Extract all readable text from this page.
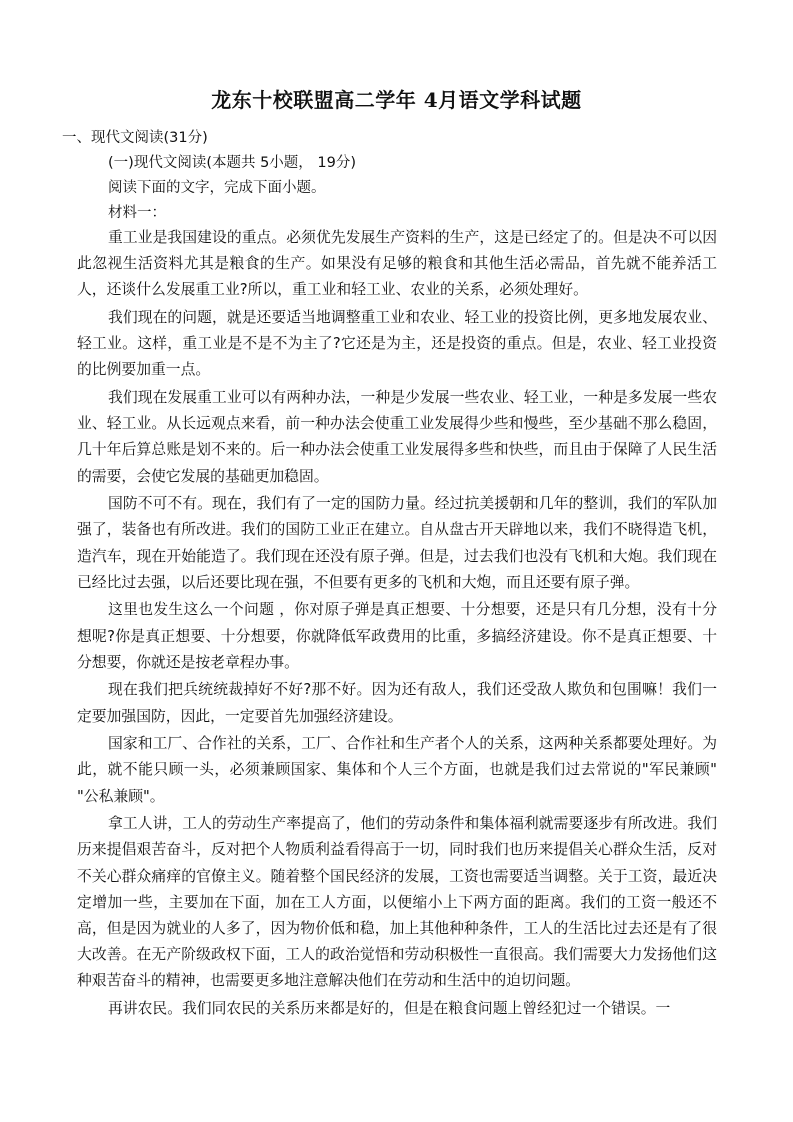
龙东十校联盟高二学年 4月语文学科试题
一、现代文阅读(31分)
(一)现代文阅读(本题共 5小题， 19分)
阅读下面的文字，完成下面小题。
材料一：

重工业是我国建设的重点。必须优先发展生产资料的生产，这是已经定了的。但是决不可以因此忽视生活资料尤其是粮食的生产。如果没有足够的粮食和其他生活必需品，首先就不能养活工人，还谈什么发展重工业?所以，重工业和轻工业、农业的关系，必须处理好。

我们现在的问题，就是还要适当地调整重工业和农业、轻工业的投资比例，更多地发展农业、轻工业。这样，重工业是不是不为主了?它还是为主，还是投资的重点。但是，农业、轻工业投资的比例要加重一点。

我们现在发展重工业可以有两种办法，一种是少发展一些农业、轻工业，一种是多发展一些农业、轻工业。从长远观点来看，前一种办法会使重工业发展得少些和慢些，至少基础不那么稳固，几十年后算总账是划不来的。后一种办法会使重工业发展得多些和快些，而且由于保障了人民生活的需要，会使它发展的基础更加稳固。

国防不可不有。现在，我们有了一定的国防力量。经过抗美援朝和几年的整训，我们的军队加强了，装备也有所改进。我们的国防工业正在建立。自从盘古开天辟地以来，我们不晓得造飞机，造汽车，现在开始能造了。我们现在还没有原子弹。但是，过去我们也没有飞机和大炮。我们现在已经比过去强，以后还要比现在强，不但要有更多的飞机和大炮，而且还要有原子弹。

这里也发生这么一个问题 ，你对原子弹是真正想要、十分想要，还是只有几分想，没有十分想呢?你是真正想要、十分想要，你就降低军政费用的比重，多搞经济建设。你不是真正想要、十分想要，你就还是按老章程办事。

现在我们把兵统统裁掉好不好?那不好。因为还有敌人，我们还受敌人欺负和包围嘛！我们一定要加强国防，因此，一定要首先加强经济建设。

国家和工厂、合作社的关系，工厂、合作社和生产者个人的关系，这两种关系都要处理好。为此，就不能只顾一头，必须兼顾国家、集体和个人三个方面，也就是我们过去常说的"军民兼顾" "公私兼顾"。

拿工人讲，工人的劳动生产率提高了，他们的劳动条件和集体福利就需要逐步有所改进。我们历来提倡艰苦奋斗，反对把个人物质利益看得高于一切，同时我们也历来提倡关心群众生活，反对不关心群众痛痒的官僚主义。随着整个国民经济的发展，工资也需要适当调整。关于工资，最近决定增加一些，主要加在下面，加在工人方面，以便缩小上下两方面的距离。我们的工资一般还不高，但是因为就业的人多了，因为物价低和稳，加上其他种种条件，工人的生活比过去还是有了很大改善。在无产阶级政权下面，工人的政治觉悟和劳动积极性一直很高。我们需要大力发扬他们这种艰苦奋斗的精神，也需要更多地注意解决他们在劳动和生活中的迫切问题。

再讲农民。我们同农民的关系历来都是好的，但是在粮食问题上曾经犯过一个错误。一
